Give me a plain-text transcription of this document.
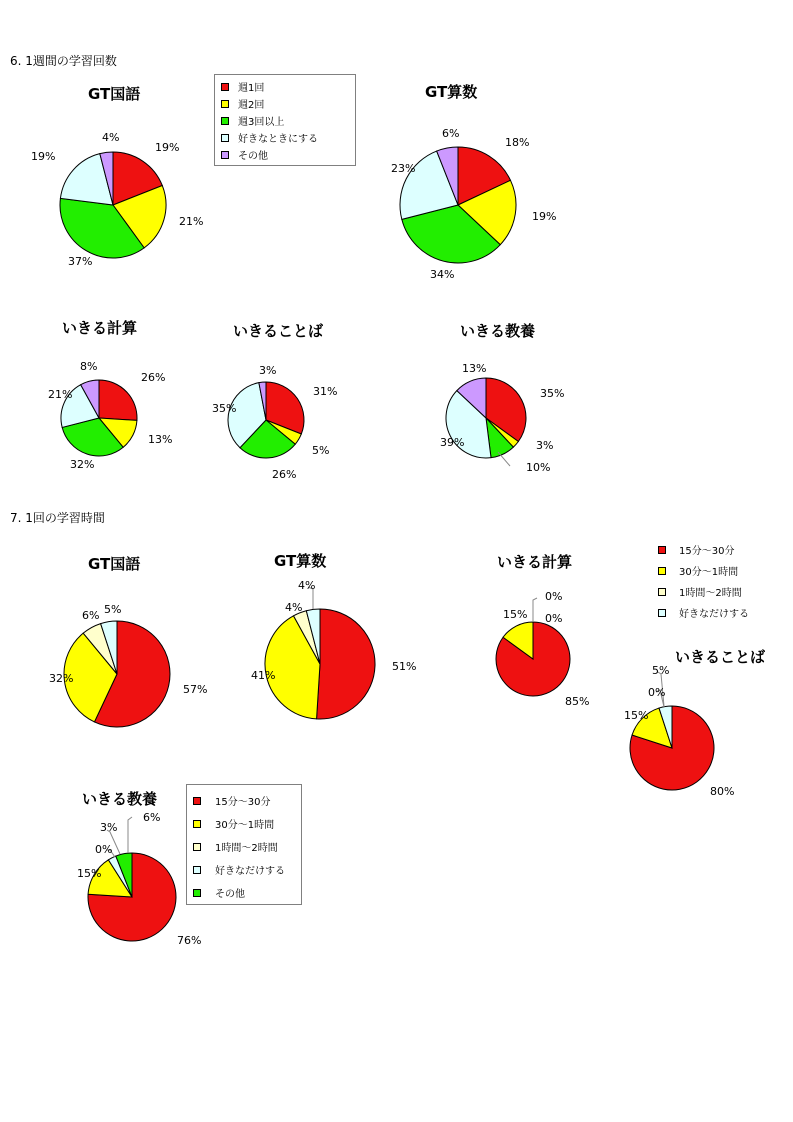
6. 1週間の学習回数
7. 1回の学習時間
GT国語	GT算数
いきる計算	いきることば	いきる教養
GT国語	GT算数	いきる計算
いきることば
いきる教養
週1回
週2回
週3回以上
好きなときにする
その他
15分～30分
30分～1時間
1時間～2時間
好きなだけする
15分～30分
30分～1時間
1時間～2時間
好きなだけする
その他
19%
21%
37%
19%
4%	18%
19%
34%
23%
6%
26%
13%
32%
21%
8%
31%
5%
26%
35%
3%
35%
3%
10%
39%
13%
57%
32%
6% 5%
51%
41%
4%
4%
85%
15%
0%
0%
80%
15%
0%
5%
76%
15%
0%
3%
6%
